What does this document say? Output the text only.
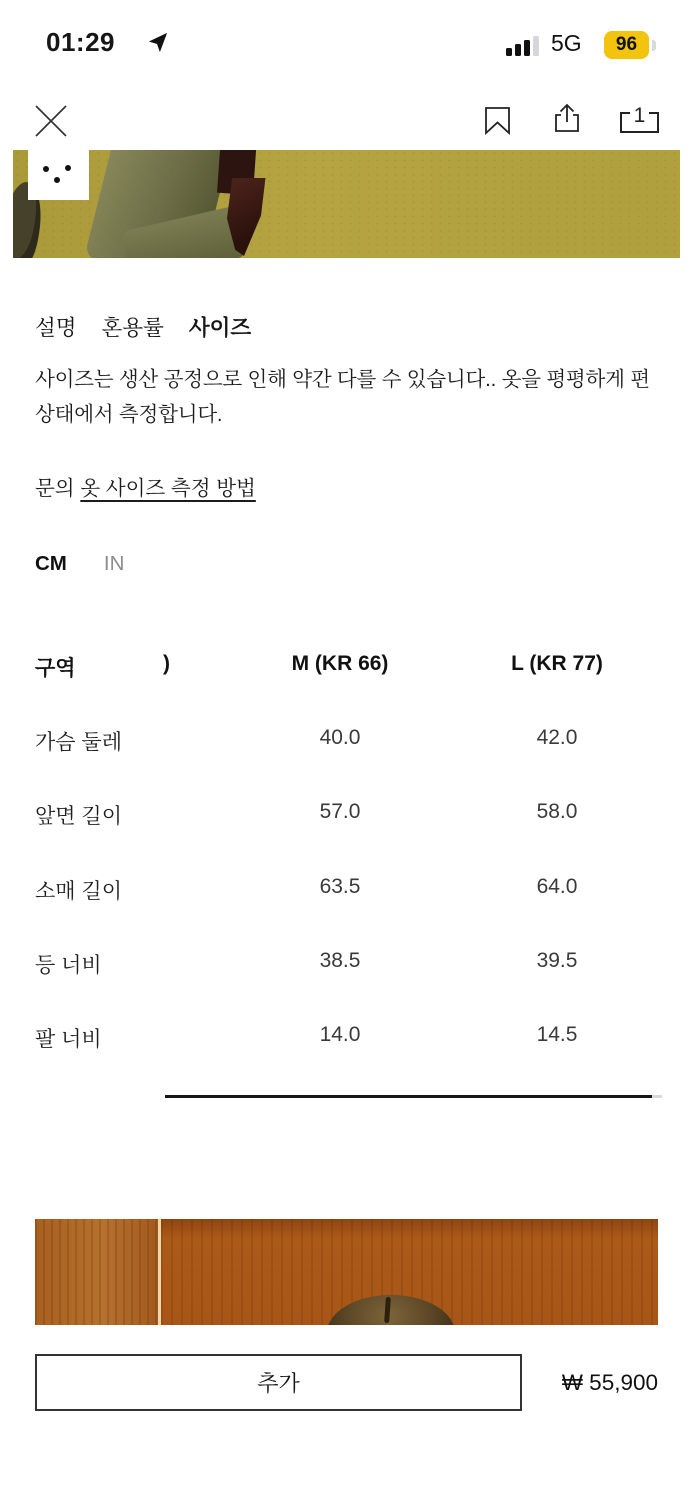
01:29	5G	96
1
설명 혼용률 사이즈
사이즈는 생산 공정으로 인해 약간 다를 수 있습니다.. 옷을 평평하게 편 상태에서 측정합니다.
문의 옷 사이즈 측정 방법
CM IN
구역	)	M (KR 66)	L (KR 77)
가슴 둘레	40.0	42.0
앞면 길이	57.0	58.0
소매 길이	63.5	64.0
등 너비	38.5	39.5
팔 너비	14.0	14.5
추가	₩ 55,900
